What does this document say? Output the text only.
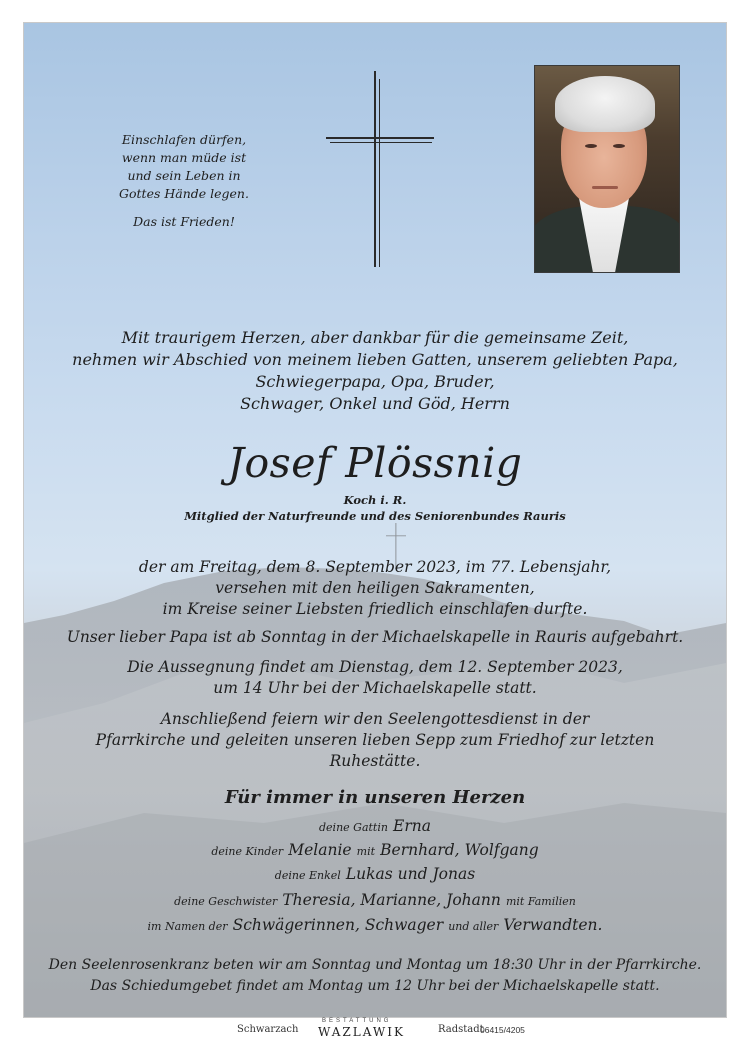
Einschlafen dürfen,

wenn man müde ist

und sein Leben in

Gottes Hände legen.

Das ist Frieden!

Mit traurigem Herzen, aber dankbar für die gemeinsame Zeit,

nehmen wir Abschied von meinem lieben Gatten, unserem geliebten Papa,

Schwiegerpapa, Opa, Bruder,

Schwager, Onkel und Göd, Herrn

Josef Plössnig
Koch i. R.
Mitglied der Naturfreunde und des Seniorenbundes Rauris

der am Freitag, dem 8. September 2023, im 77. Lebensjahr,

versehen mit den heiligen Sakramenten,

im Kreise seiner Liebsten friedlich einschlafen durfte.

Unser lieber Papa ist ab Sonntag in der Michaelskapelle in Rauris aufgebahrt.

Die Aussegnung findet am Dienstag, dem 12. September 2023,

um 14 Uhr bei der Michaelskapelle statt.

Anschließend feiern wir den Seelengottesdienst in der

Pfarrkirche und geleiten unseren lieben Sepp zum Friedhof zur letzten Ruhestätte.

Für immer in unseren Herzen
deine Gattin Erna
deine Kinder Melanie mit Bernhard, Wolfgang
deine Enkel Lukas und Jonas
deine Geschwister Theresia, Marianne, Johann mit Familien
im Namen der Schwägerinnen, Schwager und aller Verwandten.

Den Seelenrosenkranz beten wir am Sonntag und Montag um 18:30 Uhr in der Pfarrkirche.

Das Schiedumgebet findet am Montag um 12 Uhr bei der Michaelskapelle statt.

Schwarzach
BESTATTUNG
WAZLAWIK	Radstadt
06415/4205
